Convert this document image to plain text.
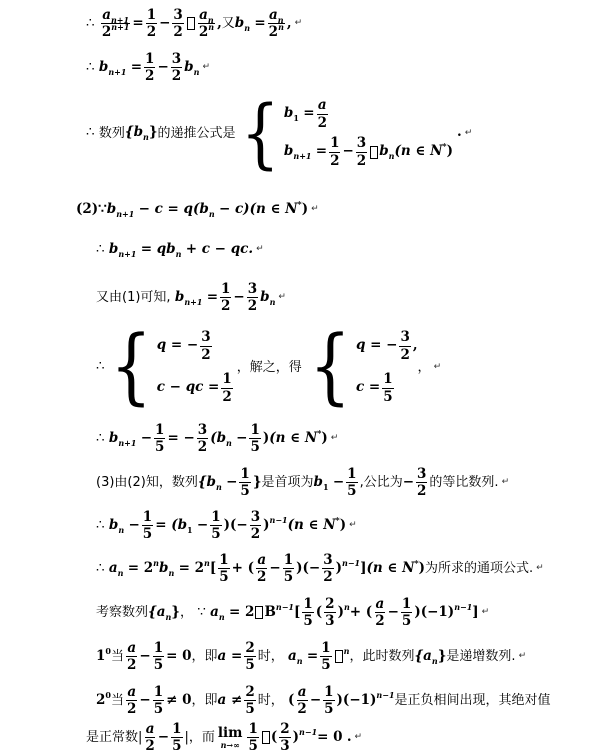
∴
$\frac{a_{n+1}}{2^{n+1}} = \frac{1}{2} - \frac{3}{2} \frac{a_n}{2^n}$ , 又 b n
= $\frac{a_n}{2^n}$ , ↵
∴
b n+1
= $\frac{1}{2} - \frac{3}{2}$ b n ↵
∴
数列 {b n } 的递推公式是 { b 1
= $\frac{a}{2}$
b n+1
= $\frac{1}{2} - \frac{3}{2}$ b n (n ∈ N * )
. ↵
(2)∵ b n+1
− c = q(b n
− c)(n ∈ N * ) ↵
∴
b n+1
= qb n
+ c − qc. ↵
又由(1)可知,
b n+1
= $\frac{1}{2} - \frac{3}{2}$ b n ↵
∴ { q = − $\frac{3}{2}$
c − qc = $\frac{1}{2}$
，解之，得 { q = − $\frac{3}{2}$ ,
$c = \frac{1}{5}$
， ↵
∴
b n+1
− $\frac{1}{5}$ = − $\frac{3}{2} (b$ n
− $\frac{1}{5}$ ) (n ∈ N * ) ↵
(3)由(2)知，数列 {b n
− $\frac{1}{5}$ } 是首项为 b 1
− $\frac{1}{5}$ ,公比为 − $\frac{3}{2}$ 的等比数列. ↵
∴
b n
− $\frac{1}{5} = (b$ 1
− $\frac{1}{5}$ )(− $\frac{3}{2}$ ) n−1 (n ∈ N * ) ↵
∴
a n
= 2 n b n
= 2 n [ $\frac{1}{5}$ + ( $\frac{a}{2} - \frac{1}{5}$ )(− $\frac{3}{2}$ ) n−1 ] (n ∈ N * ) 为所求的通项公式. ↵
考察数列 {a n } ，
∵
a n
= 2 B n−1 [ $\frac{1}{5}$ ( $\frac{2}{3}$ ) n + ( $\frac{a}{2} - \frac{1}{5} )(-1)$ n−1 ] ↵
1 0 当 $\frac{a}{2} - \frac{1}{5} = 0$ ，即 $a = \frac{2}{5}$ 时，
a n
= $\frac{1}{5}$ n ，此时数列 {a n } 是递增数列. ↵
2 0 当 $\frac{a}{2} - \frac{1}{5} \ne 0$ ，即 $a \ne \frac{2}{5}$ 时，
( $\frac{a}{2} - \frac{1}{5} )(-1)$ n−1 是正负相间出现，其绝对值
是正常数| $\frac{a}{2} - \frac{1}{5}$ |，而 lim
$n\to\infty \frac{1}{5}$ ( $\frac{2}{3}$ ) n−1 = 0
. ↵
